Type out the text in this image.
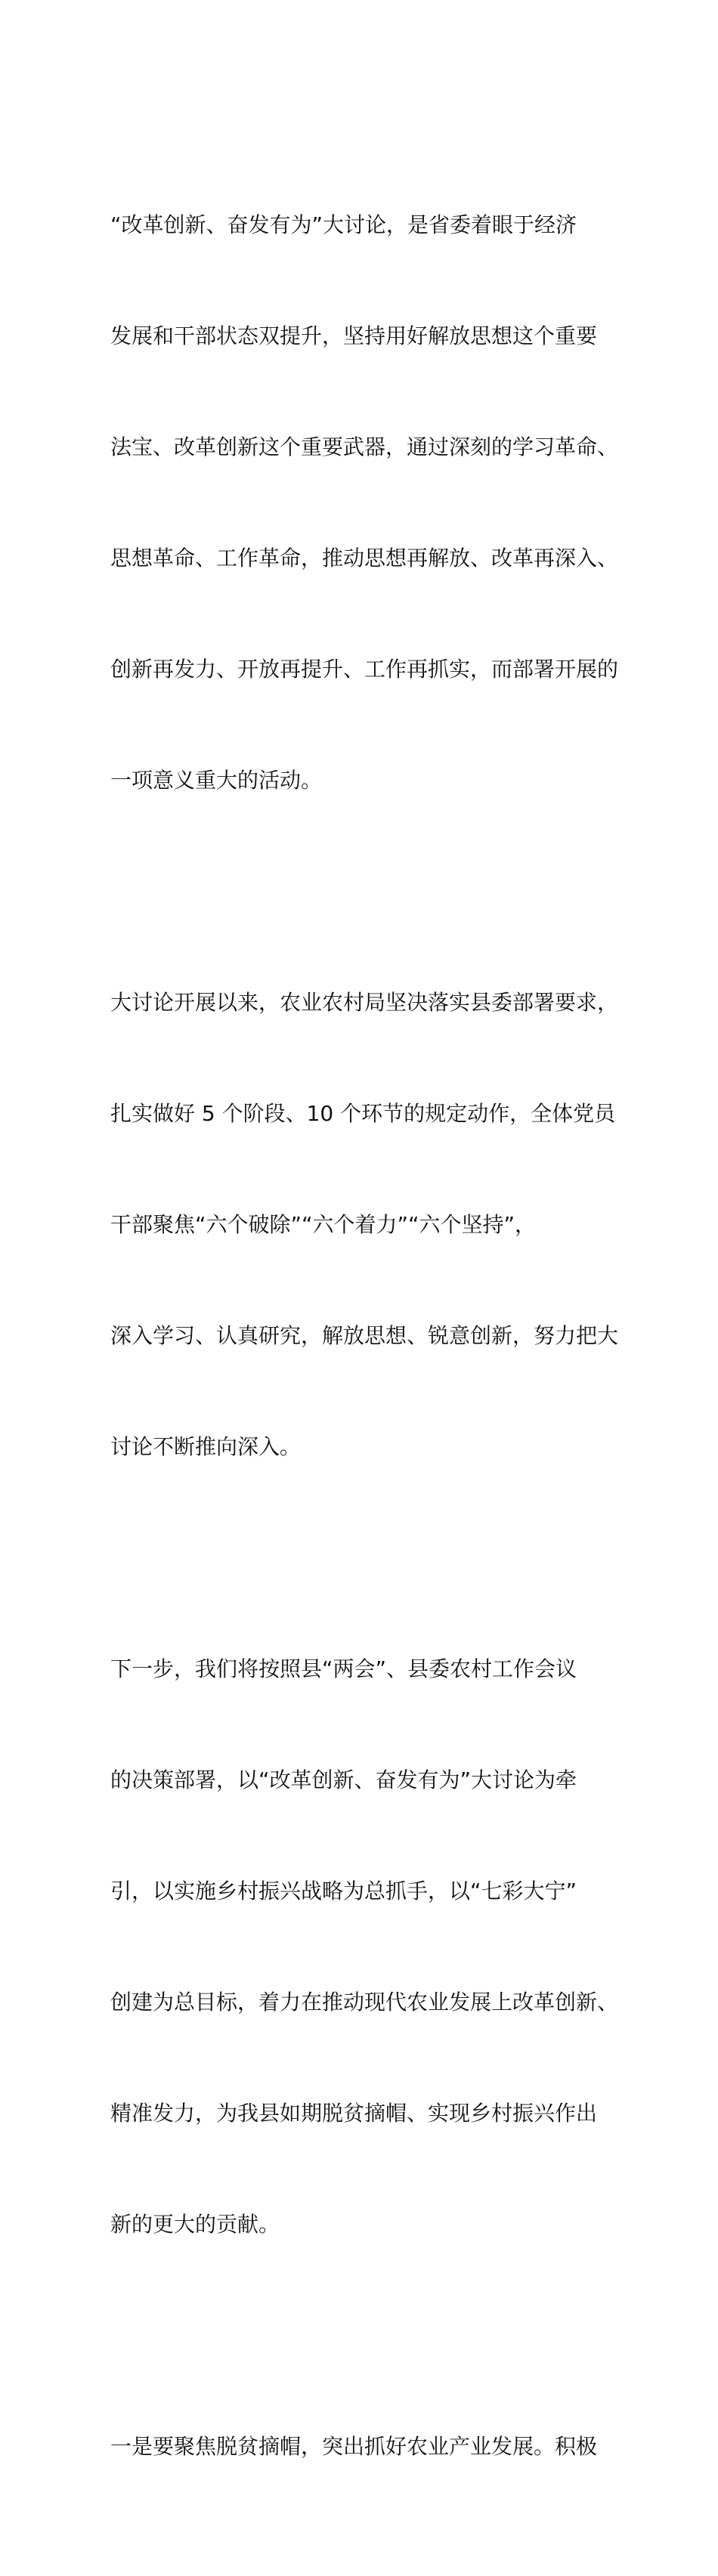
“改革创新、奋发有为”大讨论，是省委着眼于经济

发展和干部状态双提升，坚持用好解放思想这个重要

法宝、改革创新这个重要武器，通过深刻的学习革命、

思想革命、工作革命，推动思想再解放、改革再深入、

创新再发力、开放再提升、工作再抓实，而部署开展的

一项意义重大的活动。

大讨论开展以来，农业农村局坚决落实县委部署要求，

扎实做好 5 个阶段、10 个环节的规定动作，全体党员

干部聚焦“六个破除”“六个着力”“六个坚持”，

深入学习、认真研究，解放思想、锐意创新，努力把大

讨论不断推向深入。

下一步，我们将按照县“两会”、县委农村工作会议

的决策部署，以“改革创新、奋发有为”大讨论为牵

引，以实施乡村振兴战略为总抓手，以“七彩大宁”

创建为总目标，着力在推动现代农业发展上改革创新、

精准发力，为我县如期脱贫摘帽、实现乡村振兴作出

新的更大的贡献。

一是要聚焦脱贫摘帽，突出抓好农业产业发展。积极
